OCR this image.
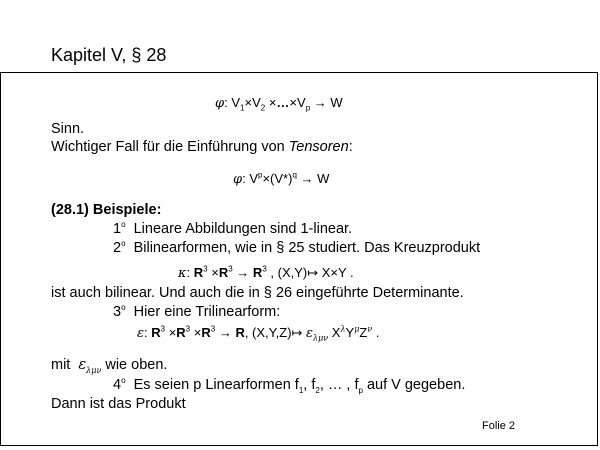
Kapitel V, § 28
φ: $V_1\times V_2$ $\times\dots\times V_p \to W$
Sinn.
Wichtiger Fall für die Einführung von Tensoren:
φ: $V^p\times(V*)^q \to W$
(28.1) Beispiele:
1$^o$ Lineare Abbildungen sind 1-linear.
2$^o$ Bilinearformen, wie in § 25 studiert. Das Kreuzprodukt
κ: $R^3 \times R^3 \to R^3$ , (X,Y)↦ X×Y .
ist auch bilinear. Und auch die in § 26 eingeführte Determinante.
3$^o$ Hier eine Trilinearform:
ε: $R^3 \times R^3 \times R^3 \to R$, (X,Y,Z)↦ $\varepsilon_{\lambda\mu\nu}$ $X^\lambda Y^\mu Z^\nu$ .
mit  $\varepsilon_{\lambda\mu\nu}$ wie oben.
4$^o$ Es seien p Linearformen $f_1$, $f_2$, … , $f_p$ auf V gegeben.
Dann ist das Produkt
Folie 2
